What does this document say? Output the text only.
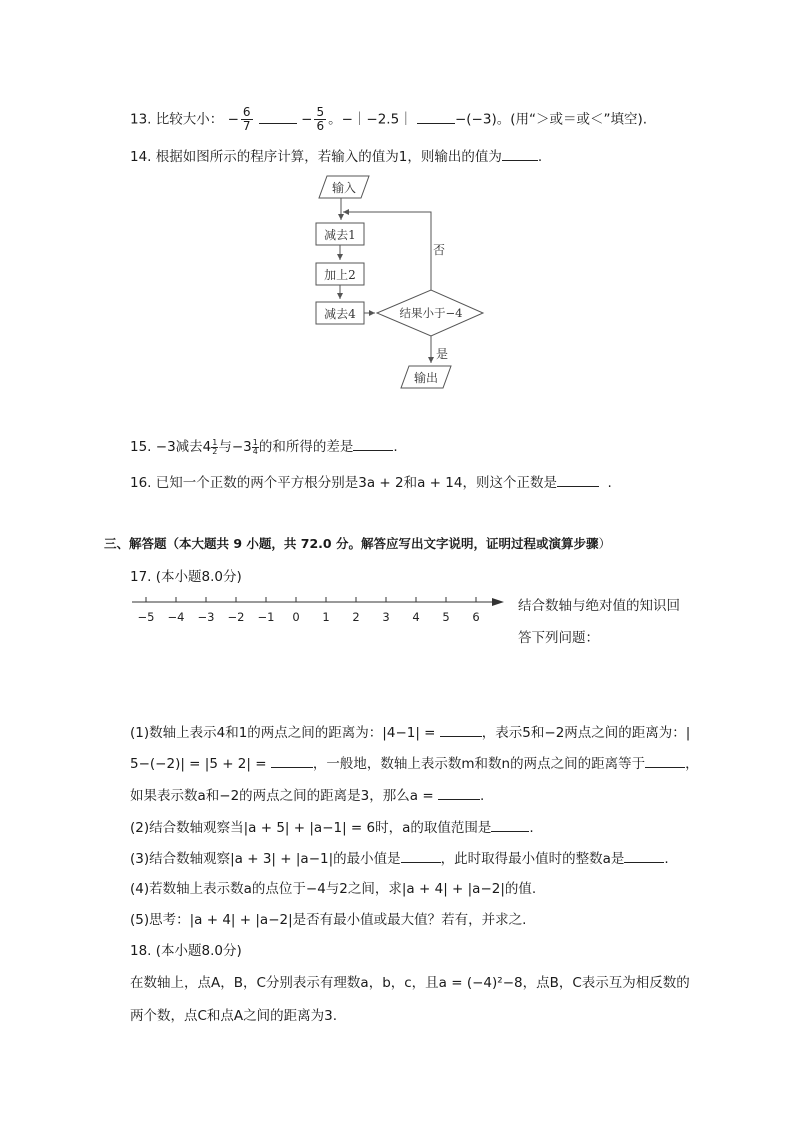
13. 比较大小： − $\frac{6}{7}$	− $\frac{5}{6}$ 。−｜−2.5｜	−(−3)。(用“＞或＝或＜”填空).
14. 根据如图所示的程序计算，若输入的值为1，则输出的值为	.
输入
减去1
加上2
减去4	结果小于−4
否
是
输出
15. −3减去$4 \frac{1}{2}$ 与$-3 \frac{1}{4}$ 的和所得的差是	.
16. 已知一个正数的两个平方根分别是3a + 2和a + 14，则这个正数是	.
三、解答题（本大题共 9 小题，共 72.0 分。解答应写出文字说明，证明过程或演算步骤）
17. (本小题8.0分)
−5 −4 −3 −2 −1 0 1 2 3 4 5 6
结合数轴与绝对值的知识回
答下列问题：
(1)数轴上表示4和1的两点之间的距离为：|4−1| =	，表示5和−2两点之间的距离为：|
5−(−2)| = |5 + 2| =	，一般地，数轴上表示数m和数n的两点之间的距离等于	，
如果表示数a和−2的两点之间的距离是3，那么a =	.
(2)结合数轴观察当|a + 5| + |a−1| = 6时，a的取值范围是	.
(3)结合数轴观察|a + 3| + |a−1|的最小值是	，此时取得最小值时的整数a是	.
(4)若数轴上表示数a的点位于−4与2之间，求|a + 4| + |a−2|的值.
(5)思考：|a + 4| + |a−2|是否有最小值或最大值？若有，并求之.
18. (本小题8.0分)
在数轴上，点A，B，C分别表示有理数a，b，c，且a = (−4)²−8，点B，C表示互为相反数的
两个数，点C和点A之间的距离为3.
